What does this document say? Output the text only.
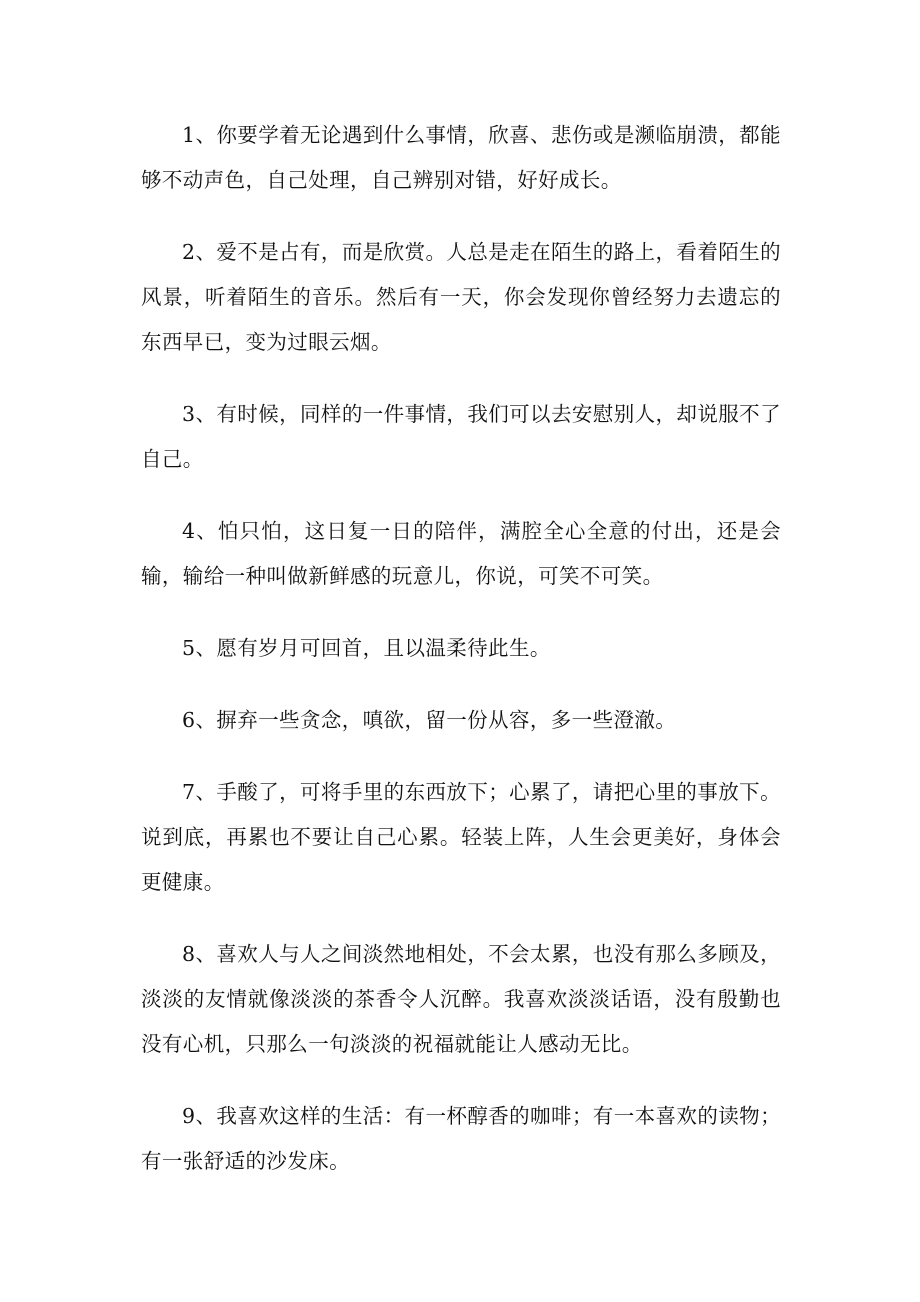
1、你要学着无论遇到什么事情，欣喜、悲伤或是濒临崩溃，都能够不动声色，自己处理，自己辨别对错，好好成长。

2、爱不是占有，而是欣赏。人总是走在陌生的路上，看着陌生的风景，听着陌生的音乐。然后有一天，你会发现你曾经努力去遗忘的东西早已，变为过眼云烟。

3、有时候，同样的一件事情，我们可以去安慰别人，却说服不了自己。

4、怕只怕，这日复一日的陪伴，满腔全心全意的付出，还是会输，输给一种叫做新鲜感的玩意儿，你说，可笑不可笑。

5、愿有岁月可回首，且以温柔待此生。

6、摒弃一些贪念，嗔欲，留一份从容，多一些澄澈。

7、手酸了，可将手里的东西放下；心累了，请把心里的事放下。说到底，再累也不要让自己心累。轻装上阵，人生会更美好，身体会更健康。

8、喜欢人与人之间淡然地相处，不会太累，也没有那么多顾及，淡淡的友情就像淡淡的茶香令人沉醉。我喜欢淡淡话语，没有殷勤也没有心机，只那么一句淡淡的祝福就能让人感动无比。

9、我喜欢这样的生活：有一杯醇香的咖啡；有一本喜欢的读物；有一张舒适的沙发床。
